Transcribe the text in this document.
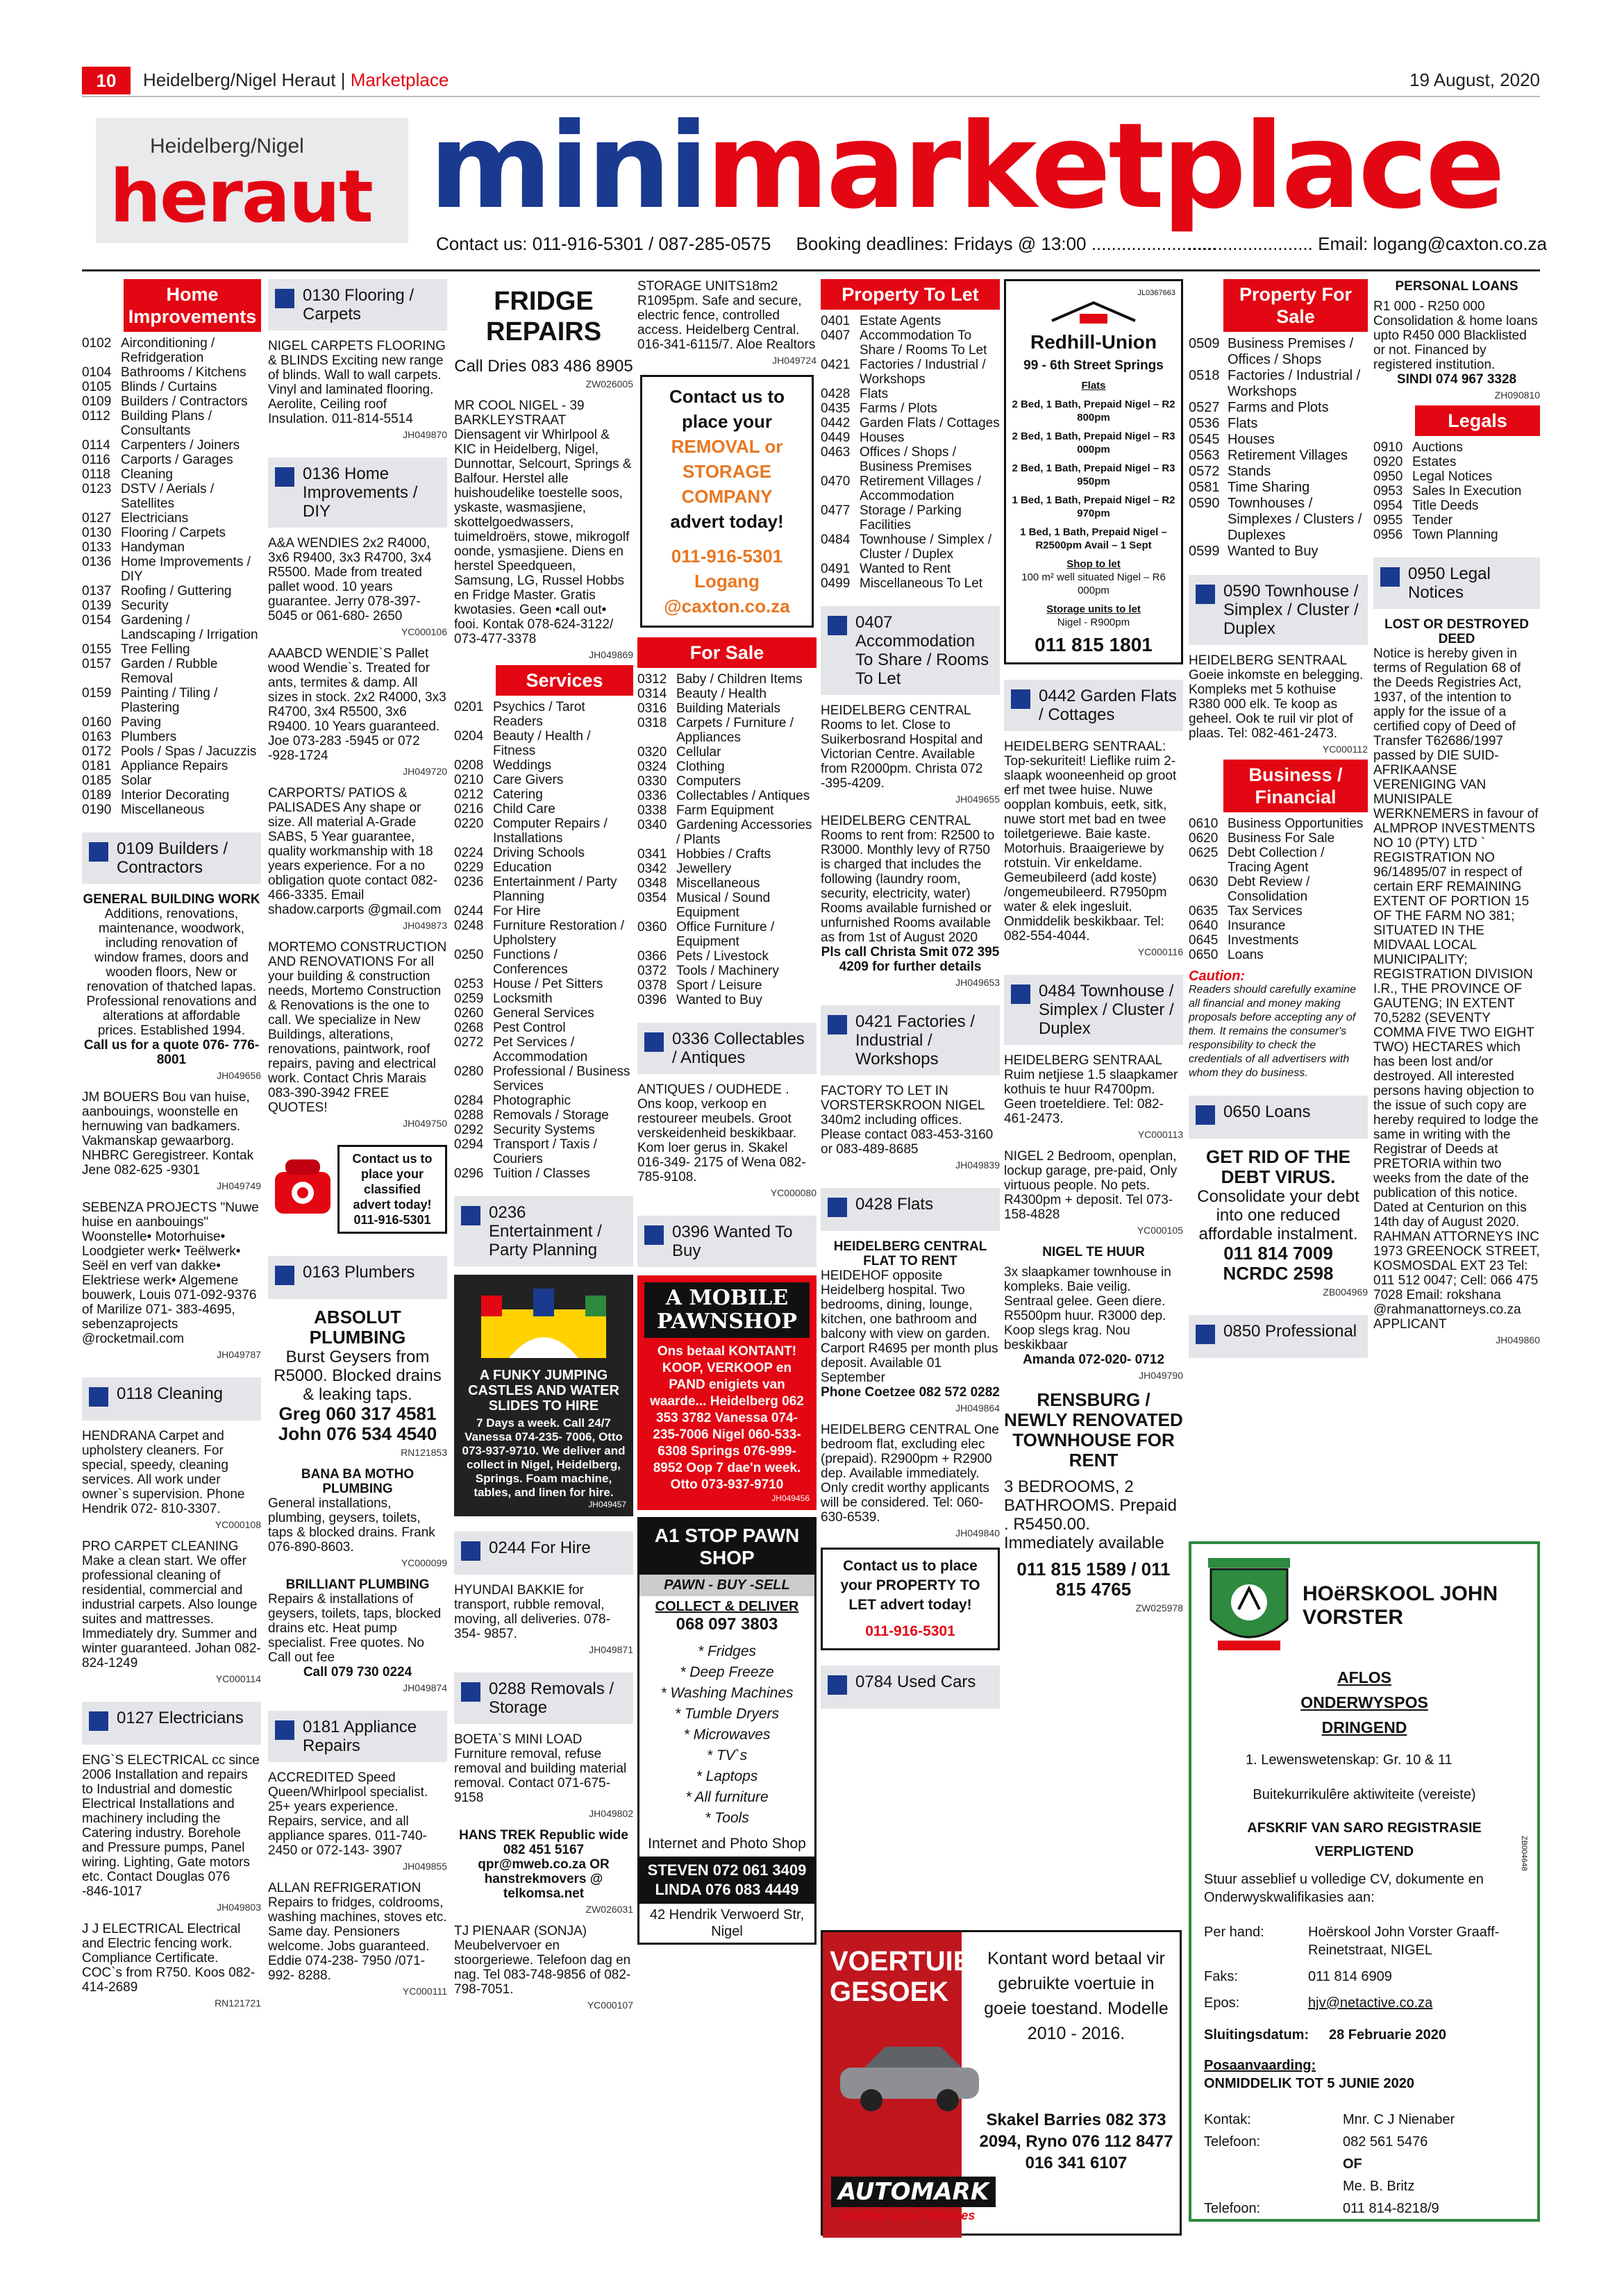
10	Heidelberg/Nigel Heraut | Marketplace	19 August, 2020
Heidelberg/Nigel
heraut minimarketplace
Contact us: 011-916-5301 / 087-285-0575 Booking deadlines: Fridays @ 13:00 .........................
......................... Email: logang@caxton.co.za
Home Improvements
0102 Airconditioning / Refridgeration
0104 Bathrooms / Kitchens
0105 Blinds / Curtains
0109 Builders / Contractors
0112 Building Plans / Consultants
0114 Carpenters / Joiners
0116 Carports / Garages
0118 Cleaning
0123 DSTV / Aerials / Satellites
0127 Electricians
0130 Flooring / Carpets
0133 Handyman
0136 Home Improvements / DIY
0137 Roofing / Guttering
0139 Security
0154 Gardening / Landscaping / Irrigation
0155 Tree Felling
0157 Garden / Rubble Removal
0159 Painting / Tiling / Plastering
0160 Paving
0163 Plumbers
0172 Pools / Spas / Jacuzzis
0181 Appliance Repairs
0185 Solar
0189 Interior Decorating
0190 Miscellaneous
0109 Builders / Contractors
GENERAL BUILDING WORK
Additions, renovations, maintenance, woodwork, including renovation of window frames, doors and wooden floors, New or renovation of thatched lapas. Professional renovations and alterations at affordable prices. Established 1994.
Call us for a quote 076- 776- 8001
JH049656
JM BOUERS Bou van huise, aanbouings, woonstelle en hernuwing van badkamers. Vakmanskap gewaarborg. NHBRC Geregistreer. Kontak Jene 082-625 -9301
JH049749
SEBENZA PROJECTS "Nuwe huise en aanbouings" Woonstelle• Motorhuise• Loodgieter werk• Teëlwerk• Seël en verf van dakke• Elektriese werk• Algemene bouwerk, Louis 071-092-9376 of Marilize 071- 383-4695, sebenzaprojects @rocketmail.com
JH049787
0118 Cleaning
HENDRANA Carpet and upholstery cleaners. For special, speedy, cleaning services. All work under owner`s supervision. Phone Hendrik 072- 810-3307.
YC000108
PRO CARPET CLEANING Make a clean start. We offer professional cleaning of residential, commercial and industrial carpets. Also lounge suites and mattresses. Immediately dry. Summer and winter guaranteed. Johan 082-824-1249
YC000114
0127 Electricians
ENG`S ELECTRICAL cc since 2006 Installation and repairs to Industrial and domestic Electrical Installations and machinery including the Catering industry. Borehole and Pressure pumps, Panel wiring. Lighting, Gate motors etc. Contact Douglas 076 -846-1017
JH049803
J J ELECTRICAL Electrical and Electric fencing work. Compliance Certificate. COC`s from R750. Koos 082- 414-2689
RN121721
0130 Flooring / Carpets
NIGEL CARPETS FLOORING & BLINDS Exciting new range of blinds. Wall to wall carpets. Vinyl and laminated flooring. Aerolite, Ceiling roof Insulation. 011-814-5514
JH049870
0136 Home Improvements / DIY
A&A WENDIES 2x2 R4000, 3x6 R9400, 3x3 R4700, 3x4 R5500. Made from treated pallet wood. 10 years guarantee. Jerry 078-397-5045 or 061-680- 2650
YC000106
AAABCD WENDIE`S Pallet wood Wendie`s. Treated for ants, termites & damp. All sizes in stock. 2x2 R4000, 3x3 R4700, 3x4 R5500, 3x6 R9400. 10 Years guaranteed. Joe 073-283 -5945 or 072 -928-1724
JH049720
CARPORTS/ PATIOS & PALISADES Any shape or size. All material A-Grade SABS, 5 Year guarantee, quality workmanship with 18 years experience. For a no obligation quote contact 082-466-3335. Email shadow.carports @gmail.com
JH049873
MORTEMO CONSTRUCTION AND RENOVATIONS For all your building & construction needs, Mortemo Construction & Renovations is the one to call. We specialize in New Buildings, alterations, renovations, paintwork, roof repairs, paving and electrical work. Contact Chris Marais 083-390-3942 FREE QUOTES!
JH049750
Contact us to place your classified advert today! 011-916-5301
0163 Plumbers
ABSOLUT PLUMBING
Burst Geysers from R5000. Blocked drains & leaking taps.
Greg 060 317 4581
John 076 534 4540
RN121853
BANA BA MOTHO PLUMBING
General installations, plumbing, geysers, toilets, taps & blocked drains. Frank 076-890-8603.
YC000099
BRILLIANT PLUMBING
Repairs & installations of geysers, toilets, taps, blocked drains etc. Heat pump specialist. Free quotes. No Call out fee
Call 079 730 0224
JH049874
0181 Appliance Repairs
ACCREDITED Speed Queen/Whirlpool specialist. 25+ years experience. Repairs, service, and all appliance spares. 011-740-2450 or 072-143- 3907
JH049855
ALLAN REFRIGERATION Repairs to fridges, coldrooms, washing machines, stoves etc. Same day. Pensioners welcome. Jobs guaranteed. Eddie 074-238- 7950 /071-992- 8288.
YC000111
FRIDGE REPAIRS
Call Dries 083 486 8905
ZW026005
MR COOL NIGEL - 39 BARKLEYSTRAAT Diensagent vir Whirlpool & KIC in Heidelberg, Nigel, Dunnottar, Selcourt, Springs & Balfour. Herstel alle huishoudelike toestelle soos, yskaste, wasmasjiene, skottelgoedwassers, tuimeldroërs, stowe, mikrogolf oonde, ysmasjiene. Diens en herstel Speedqueen, Samsung, LG, Russel Hobbs en Fridge Master. Gratis kwotasies. Geen •call out• fooi. Kontak 078-624-3122/ 073-477-3378
JH049869
Services
0201 Psychics / Tarot Readers
0204 Beauty / Health / Fitness
0208 Weddings
0210 Care Givers
0212 Catering
0216 Child Care
0220 Computer Repairs / Installations
0224 Driving Schools
0229 Education
0236 Entertainment / Party Planning
0244 For Hire
0248 Furniture Restoration / Upholstery
0250 Functions / Conferences
0253 House / Pet Sitters
0259 Locksmith
0260 General Services
0268 Pest Control
0272 Pet Services / Accommodation
0280 Professional / Business Services
0284 Photographic
0288 Removals / Storage
0292 Security Systems
0294 Transport / Taxis / Couriers
0296 Tuition / Classes
0236 Entertainment / Party Planning
A FUNKY JUMPING CASTLES AND WATER SLIDES TO HIRE
7 Days a week. Call 24/7 Vanessa 074-235- 7006, Otto 073-937-9710. We deliver and collect in Nigel, Heidelberg, Springs. Foam machine, tables, and linen for hire.
JH049457
0244 For Hire
HYUNDAI BAKKIE for transport, rubble removal, moving, all deliveries. 078-354- 9857.
JH049871
0288 Removals / Storage
BOETA`S MINI LOAD Furniture removal, refuse removal and building material removal. Contact 071-675-9158
JH049802
HANS TREK Republic wide 082 451 5167 qpr@mweb.co.za OR hanstrekmovers @ telkomsa.net
ZW026031
TJ PIENAAR (SONJA) Meubelvervoer en stoorgeriewe. Telefoon dag en nag. Tel 083-748-9856 of 082-798-7051.
YC000107
STORAGE UNITS18m2 R1095pm. Safe and secure, electric fence, controlled access. Heidelberg Central. 016-341-6115/7. Aloe Realtors
JH049724
Contact us to place your
REMOVAL or STORAGE COMPANY
advert today!
011-916-5301 Logang @caxton.co.za
For Sale
0312 Baby / Children Items
0314 Beauty / Health
0316 Building Materials
0318 Carpets / Furniture / Appliances
0320 Cellular
0324 Clothing
0330 Computers
0336 Collectables / Antiques
0338 Farm Equipment
0340 Gardening Accessories / Plants
0341 Hobbies / Crafts
0342 Jewellery
0348 Miscellaneous
0354 Musical / Sound Equipment
0360 Office Furniture / Equipment
0366 Pets / Livestock
0372 Tools / Machinery
0378 Sport / Leisure
0396 Wanted to Buy
0336 Collectables / Antiques
ANTIQUES / OUDHEDE . Ons koop, verkoop en restoureer meubels. Groot verskeidenheid beskikbaar. Kom loer gerus in. Skakel 016-349- 2175 of Wena 082- 785-9108.
YC000080
0396 Wanted To Buy
A MOBILE PAWNSHOP
Ons betaal KONTANT! KOOP, VERKOOP en PAND enigiets van waarde... Heidelberg 062 353 3782 Vanessa 074-235-7006 Nigel 060-533-6308 Springs 076-999-8952 Oop 7 dae'n week. Otto 073-937-9710
JH049456
A1 STOP PAWN SHOP
PAWN - BUY -SELL
COLLECT & DELIVER
068 097 3803
* Fridges
* Deep Freeze
* Washing Machines
* Tumble Dryers
* Microwaves
* TV`s
* Laptops
* All furniture
* Tools
Internet and Photo Shop
STEVEN 072 061 3409
LINDA 076 083 4449
42 Hendrik Verwoerd Str, Nigel
Property To Let
0401 Estate Agents
0407 Accommodation To Share / Rooms To Let
0421 Factories / Industrial / Workshops
0428 Flats
0435 Farms / Plots
0442 Garden Flats / Cottages
0449 Houses
0463 Offices / Shops / Business Premises
0470 Retirement Villages / Accommodation
0477 Storage / Parking Facilities
0484 Townhouse / Simplex / Cluster / Duplex
0491 Wanted to Rent
0499 Miscellaneous To Let
0407 Accommodation To Share / Rooms To Let
HEIDELBERG CENTRAL Rooms to let. Close to Suikerbosrand Hospital and Victorian Centre. Available from R2000pm. Christa 072 -395-4209.
JH049655
HEIDELBERG CENTRAL Rooms to rent from: R2500 to R3000. Monthly levy of R750 is charged that includes the following (laundry room, security, electricity, water) Rooms available furnished or unfurnished Rooms available as from 1st of August 2020
Pls call Christa Smit 072 395 4209 for further details
JH049653
0421 Factories / Industrial / Workshops
FACTORY TO LET IN VORSTERSKROON NIGEL 340m2 including offices. Please contact 083-453-3160 or 083-489-8685
JH049839
0428 Flats
HEIDELBERG CENTRAL FLAT TO RENT
HEIDEHOF opposite Heidelberg hospital. Two bedrooms, dining, lounge, kitchen, one bathroom and balcony with view on garden. Carport R4695 per month plus deposit. Available 01 September
Phone Coetzee 082 572 0282
JH049864
HEIDELBERG CENTRAL One bedroom flat, excluding elec (prepaid). R2900pm + R2900 dep. Available immediately. Only credit worthy applicants will be considered. Tel: 060-630-6539.
JH049840
Contact us to place your PROPERTY TO LET advert today!
011-916-5301
0784 Used Cars
JL0367663
Redhill-Union
99 - 6th Street Springs
Flats
2 Bed, 1 Bath, Prepaid Nigel – R2 800pm
2 Bed, 1 Bath, Prepaid Nigel – R3 000pm
2 Bed, 1 Bath, Prepaid Nigel – R3 950pm
1 Bed, 1 Bath, Prepaid Nigel – R2 970pm
1 Bed, 1 Bath, Prepaid Nigel – R2500pm Avail – 1 Sept
Shop to let
100 m² well situated Nigel – R6 000pm
Storage units to let
Nigel - R900pm
011 815 1801
0442 Garden Flats / Cottages
HEIDELBERG SENTRAAL: Top-sekuriteit! Lieflike ruim 2-slaapk wooneenheid op groot erf met twee huise. Nuwe oopplan kombuis, eetk, sitk, nuwe stort met bad en twee toiletgeriewe. Baie kaste. Motorhuis. Braaigeriewe by rotstuin. Vir enkeldame. Gemeubileerd (add koste) /ongemeubileerd. R7950pm water & elek ingesluit. Onmiddelik beskikbaar. Tel: 082-554-4044.
YC000116
0484 Townhouse / Simplex / Cluster / Duplex
HEIDELBERG SENTRAAL Ruim netjiese 1.5 slaapkamer kothuis te huur R4700pm. Geen troeteldiere. Tel: 082-461-2473.
YC000113
NIGEL 2 Bedroom, openplan, lockup garage, pre-paid, Only virtuous people. No pets. R4300pm + deposit. Tel 073-158-4828
YC000105
NIGEL TE HUUR
3x slaapkamer townhouse in kompleks. Baie veilig. Sentraal gelee. Geen diere. R5500pm huur. R3000 dep. Koop slegs krag. Nou beskikbaar
Amanda 072-020- 0712
JH049790
RENSBURG / NEWLY RENOVATED TOWNHOUSE FOR RENT
3 BEDROOMS, 2 BATHROOMS. Prepaid . R5450.00. Immediately available
011 815 1589 / 011 815 4765
ZW025978
Property For Sale
0509 Business Premises / Offices / Shops
0518 Factories / Industrial / Workshops
0527 Farms and Plots
0536 Flats
0545 Houses
0563 Retirement Villages
0572 Stands
0581 Time Sharing
0590 Townhouses / Simplexes / Clusters / Duplexes
0599 Wanted to Buy
0590 Townhouse / Simplex / Cluster / Duplex
HEIDELBERG SENTRAAL Goeie inkomste en belegging. Kompleks met 5 kothuise R380 000 elk. Te koop as geheel. Ook te ruil vir plot of plaas. Tel: 082-461-2473.
YC000112
Business / Financial
0610 Business Opportunities
0620 Business For Sale
0625 Debt Collection / Tracing Agent
0630 Debt Review / Consolidation
0635 Tax Services
0640 Insurance
0645 Investments
0650 Loans
Caution:
Readers should carefully examine all financial and money making proposals before accepting any of them. It remains the consumer's responsibility to check the credentials of all advertisers with whom they do business.
0650 Loans
GET RID OF THE DEBT VIRUS.
Consolidate your debt into one reduced affordable instalment.
011 814 7009 NCRDC 2598
ZB004969
0850 Professional
PERSONAL LOANS
R1 000 - R250 000 Consolidation & home loans upto R450 000 Blacklisted or not. Financed by registered institution.
SINDI 074 967 3328
ZH090810
Legals
0910 Auctions
0920 Estates
0950 Legal Notices
0953 Sales In Execution
0954 Title Deeds
0955 Tender
0956 Town Planning
0950 Legal Notices
LOST OR DESTROYED DEED
Notice is hereby given in terms of Regulation 68 of the Deeds Registries Act, 1937, of the intention to apply for the issue of a certified copy of Deed of Transfer T62686/1997 passed by DIE SUID-AFRIKAANSE VERENIGING VAN MUNISIPALE WERKNEMERS in favour of ALMPROP INVESTMENTS NO 10 (PTY) LTD ` REGISTRATION NO 96/14895/07 in respect of certain ERF REMAINING EXTENT OF PORTION 15 OF THE FARM NO 381; SITUATED IN THE MIDVAAL LOCAL MUNICIPALITY; REGISTRATION DIVISION I.R., THE PROVINCE OF GAUTENG; IN EXTENT 70,5282 (SEVENTY COMMA FIVE TWO EIGHT TWO) HECTARES which has been lost and/or destroyed. All interested persons having objection to the issue of such copy are hereby required to lodge the same in writing with the Registrar of Deeds at PRETORIA within two weeks from the date of the publication of this notice. Dated at Centurion on this 14th day of August 2020. RAHMAN ATTORNEYS INC 1973 GREENOCK STREET, KOSMOSDAL EXT 23 Tel: 011 512 0047; Cell: 066 475 7028 Email: rokshana @rahmanattorneys.co.za APPLICANT
JH049860
VOERTUIE GESOEK
Kontant word betaal vir gebruikte voertuie in goeie toestand. Modelle 2010 - 2016.
Skakel Barries 082 373 2094, Ryno 076 112 8477 016 341 6107
AUTOMARK
Certified Used Vehicles
HOëRSKOOL JOHN VORSTER
AFLOS
ONDERWYSPOS
DRINGEND
1. Lewenswetenskap: Gr. 10 & 11
Buitekurrikulêre aktiwiteite (vereiste)
AFSKRIF VAN SARO REGISTRASIE VERPLIGTEND
Stuur asseblief u volledige CV, dokumente en Onderwyskwalifikasies aan:
Per hand:	Hoërskool John Vorster Graaff-Reinetstraat, NIGEL
Faks:	011 814 6909
Epos:	hjv@netactive.co.za
Sluitingsdatum:	28 Februarie 2020
Posaanvaarding:
ONMIDDELIK TOT 5 JUNIE 2020
Kontak:	Mnr. C J Nienaber
Telefoon:	082 561 5476
OF
Me. B. Britz
Telefoon:	011 814-8218/9
ZB004648
